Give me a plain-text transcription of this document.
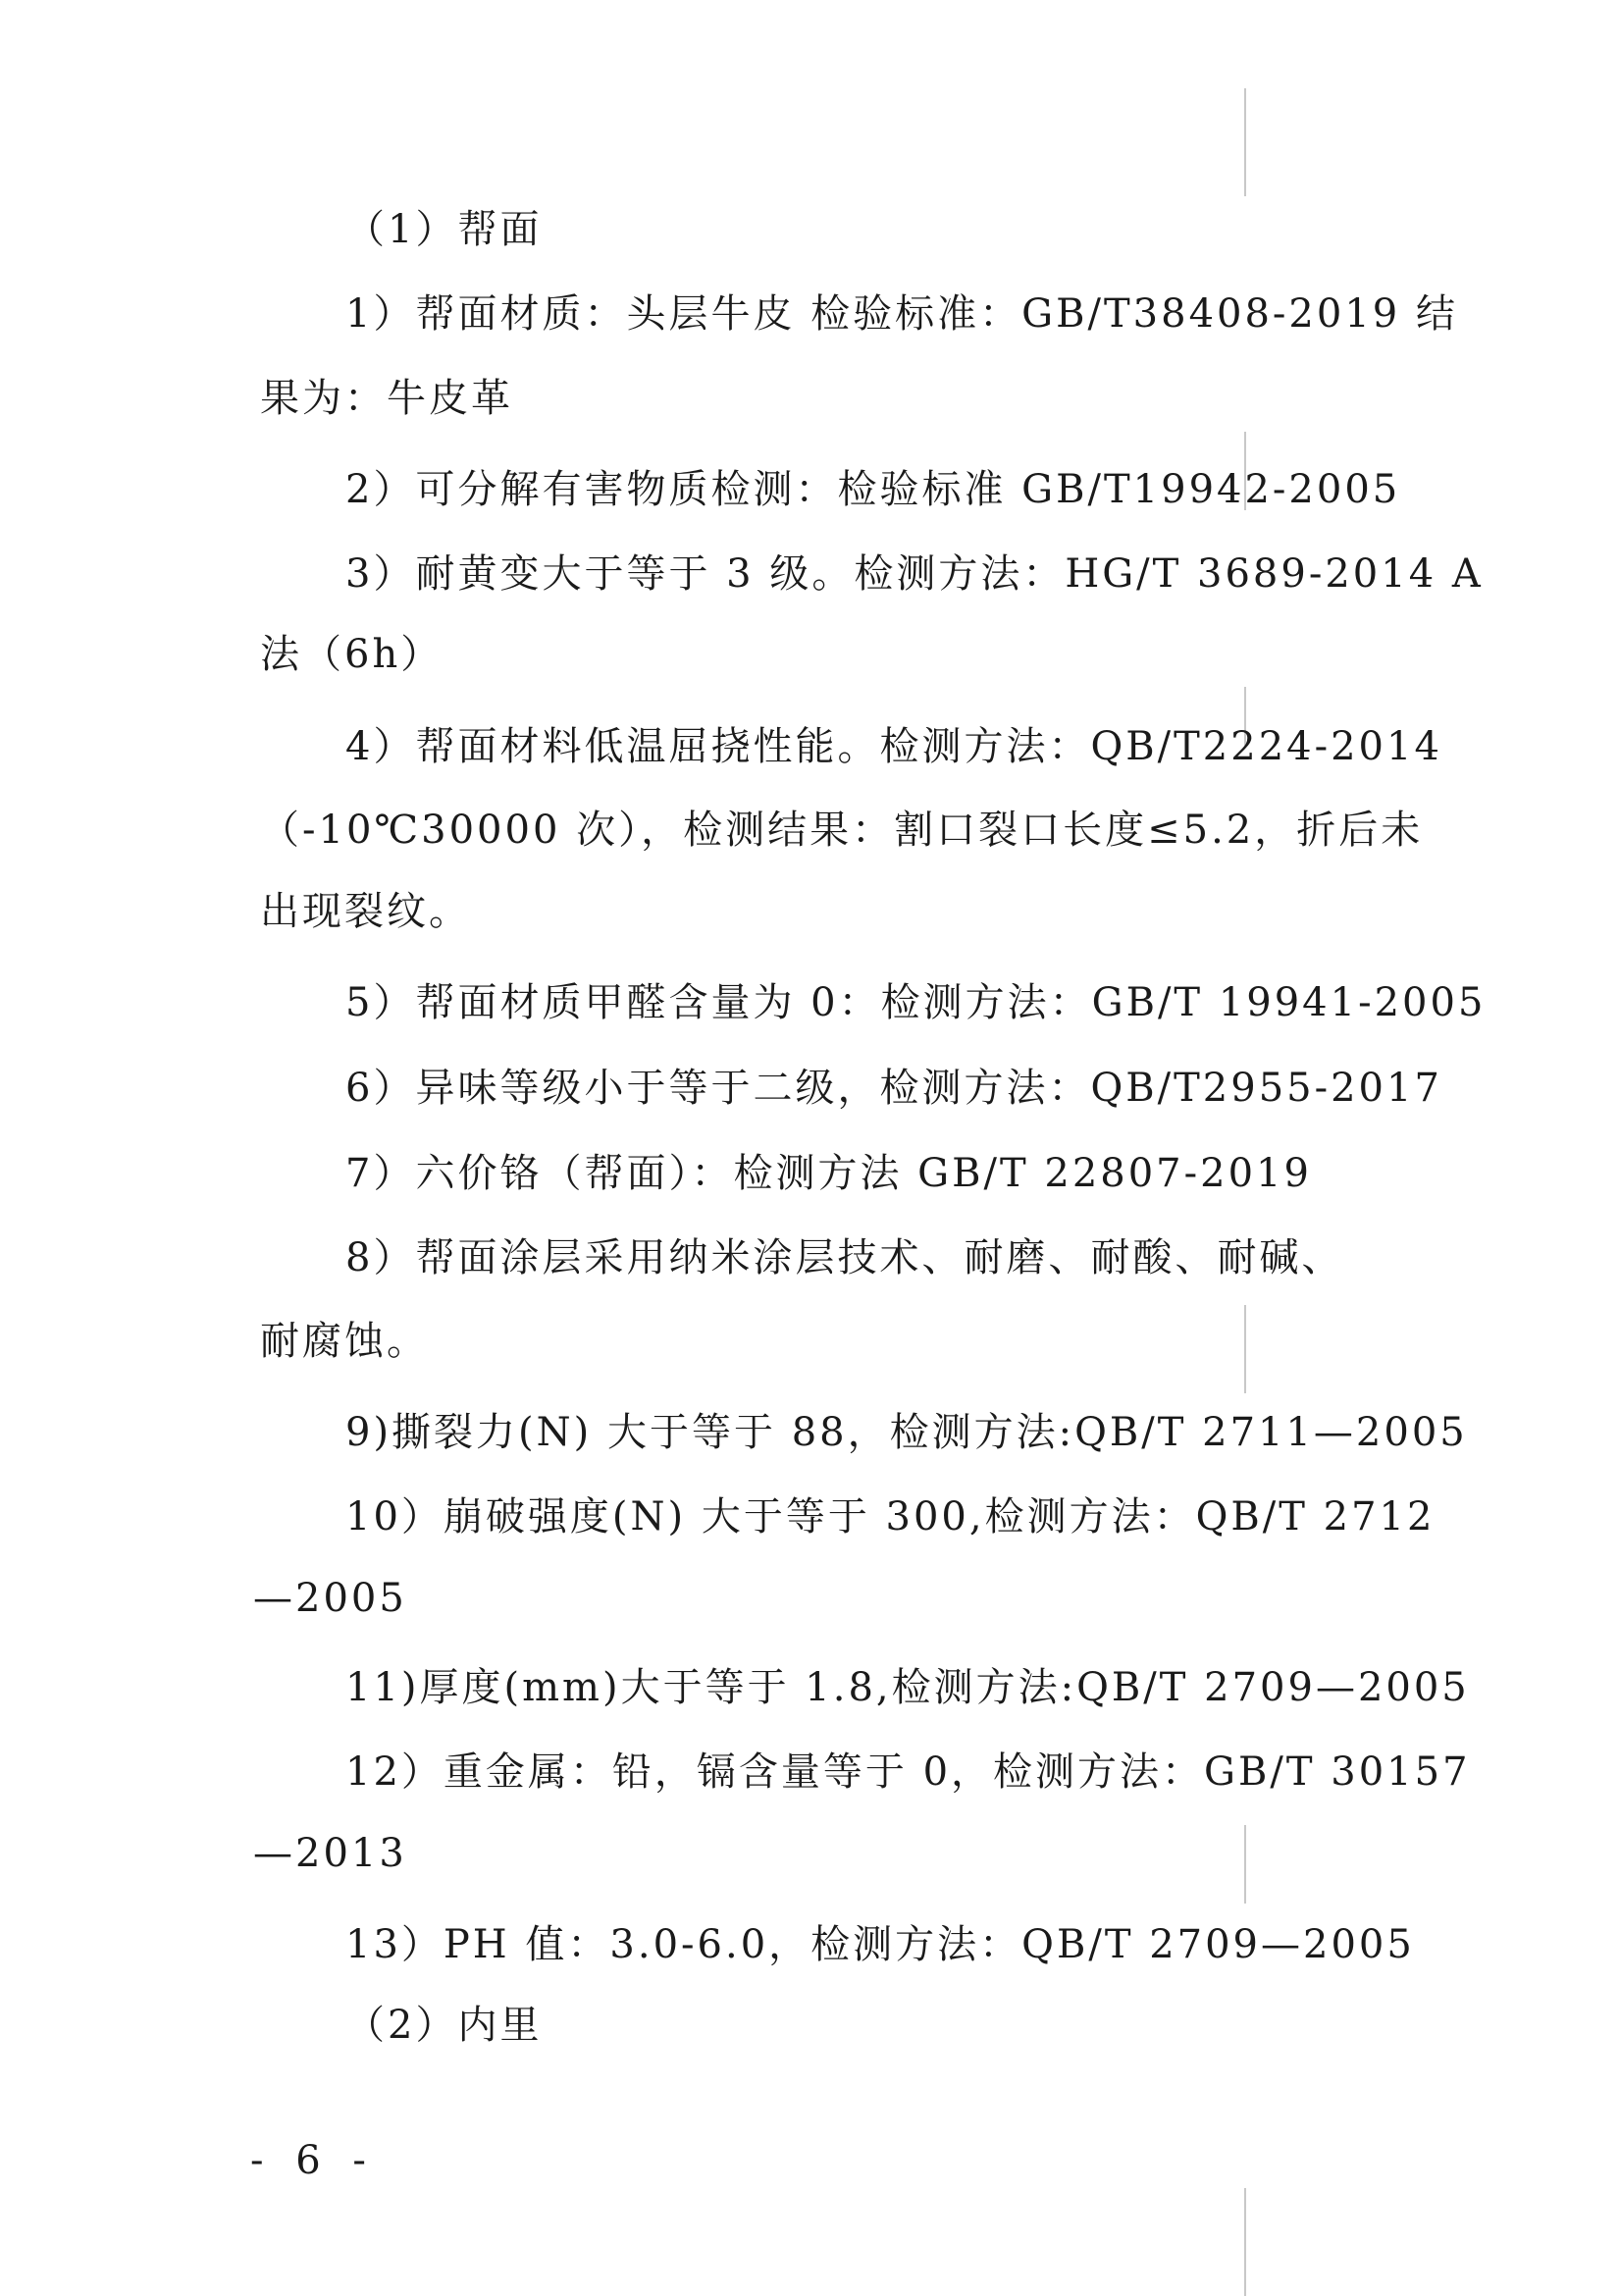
（1）帮面
1）帮面材质：头层牛皮 检验标准：GB/T38408-2019 结
果为：牛皮革
2）可分解有害物质检测：检验标准 GB/T19942-2005
3）耐黄变大于等于 3 级。检测方法：HG/T 3689-2014 A
法（6h）
4）帮面材料低温屈挠性能。检测方法：QB/T2224-2014
（-10℃30000 次），检测结果：割口裂口长度≤5.2，折后未
出现裂纹。
5）帮面材质甲醛含量为 0：检测方法：GB/T 19941-2005
6）异味等级小于等于二级，检测方法：QB/T2955-2017
7）六价铬（帮面）：检测方法 GB/T 22807-2019
8）帮面涂层采用纳米涂层技术、耐磨、耐酸、耐碱、
耐腐蚀。
9)撕裂力(N) 大于等于 88，检测方法:QB/T 2711—2005
10）崩破强度(N) 大于等于 300,检测方法：QB/T 2712
—2005
11)厚度(mm)大于等于 1.8,检测方法:QB/T 2709—2005
12）重金属：铅，镉含量等于 0，检测方法：GB/T 30157
—2013
13）PH 值：3.0-6.0，检测方法：QB/T 2709—2005
（2）内里
- 6 -
